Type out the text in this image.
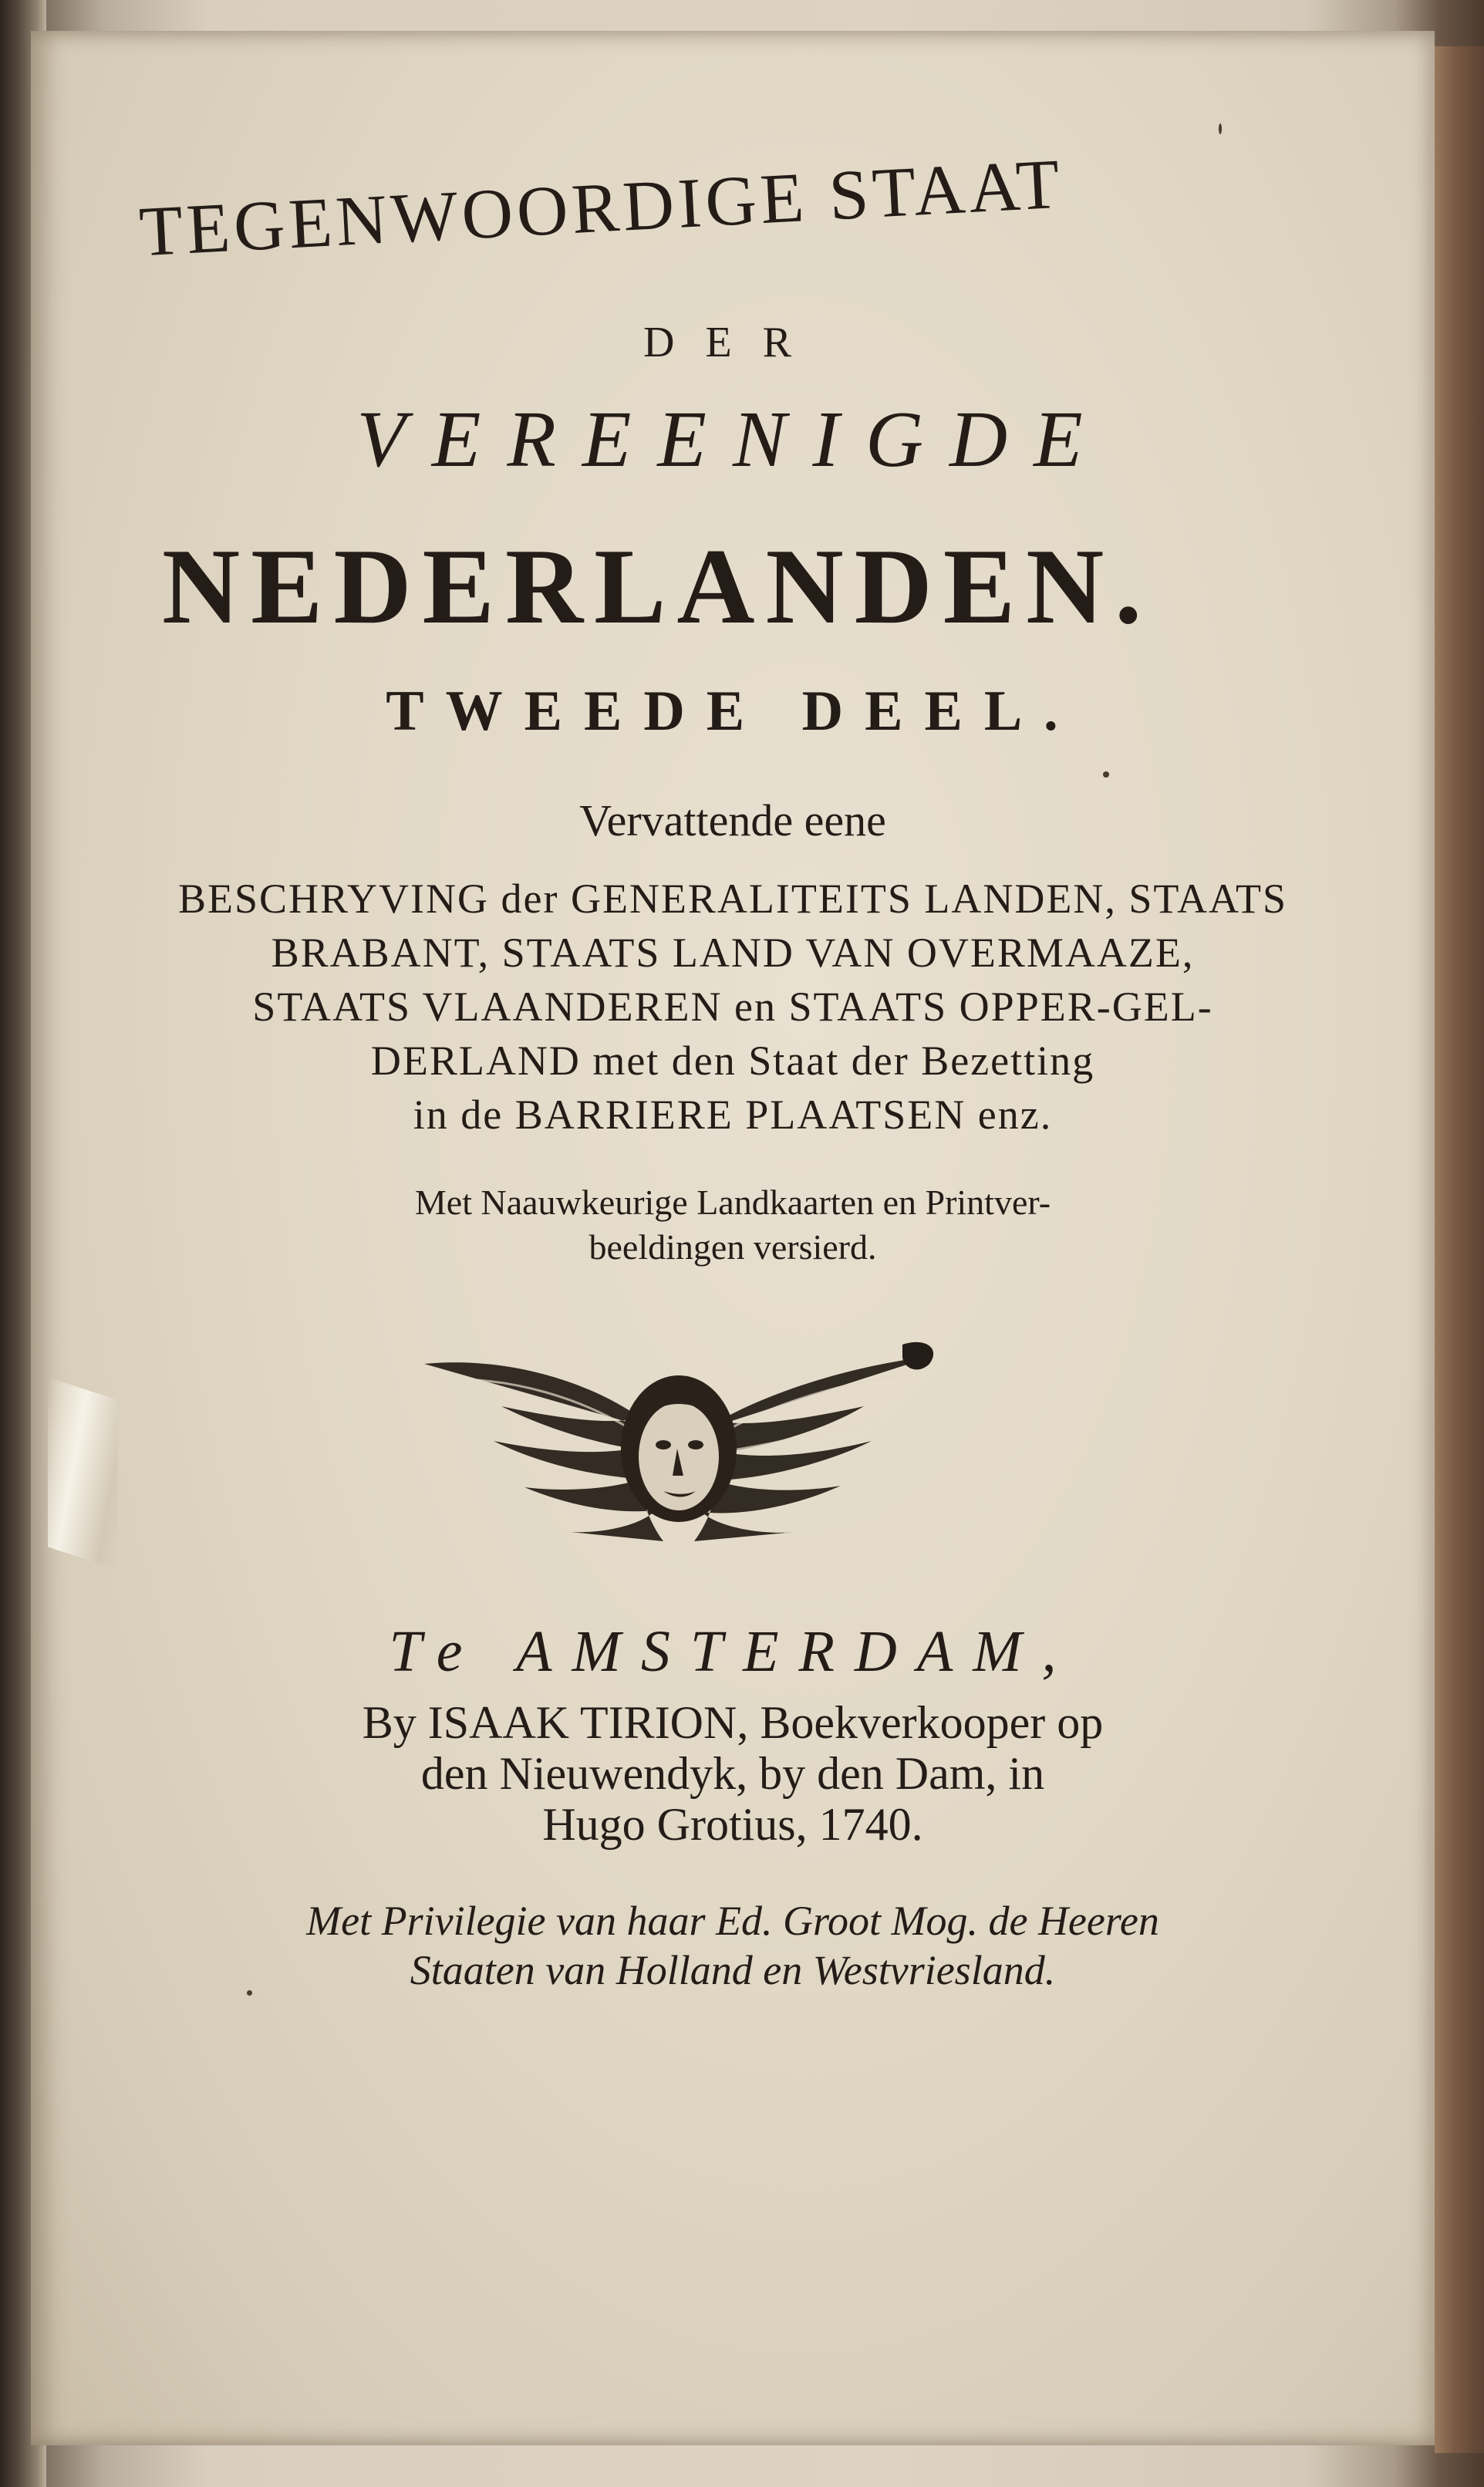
TEGENWOORDIGE STAAT
DER
VEREENIGDE
NEDERLANDEN.
TWEEDE DEEL.
Vervattende eene
BESCHRYVING der GENERALITEITS LANDEN, STAATS
BRABANT, STAATS LAND VAN OVERMAAZE,
STAATS VLAANDEREN en STAATS OPPER-GEL-
DERLAND met den Staat der Bezetting
in de BARRIERE PLAATSEN enz.
Met Naauwkeurige Landkaarten en Printver-
beeldingen versierd.
Te AMSTERDAM,
By ISAAK TIRION, Boekverkooper op
den Nieuwendyk, by den Dam, in
Hugo Grotius, 1740.
Met Privilegie van haar Ed. Groot Mog. de Heeren
Staaten van Holland en Westvriesland.
